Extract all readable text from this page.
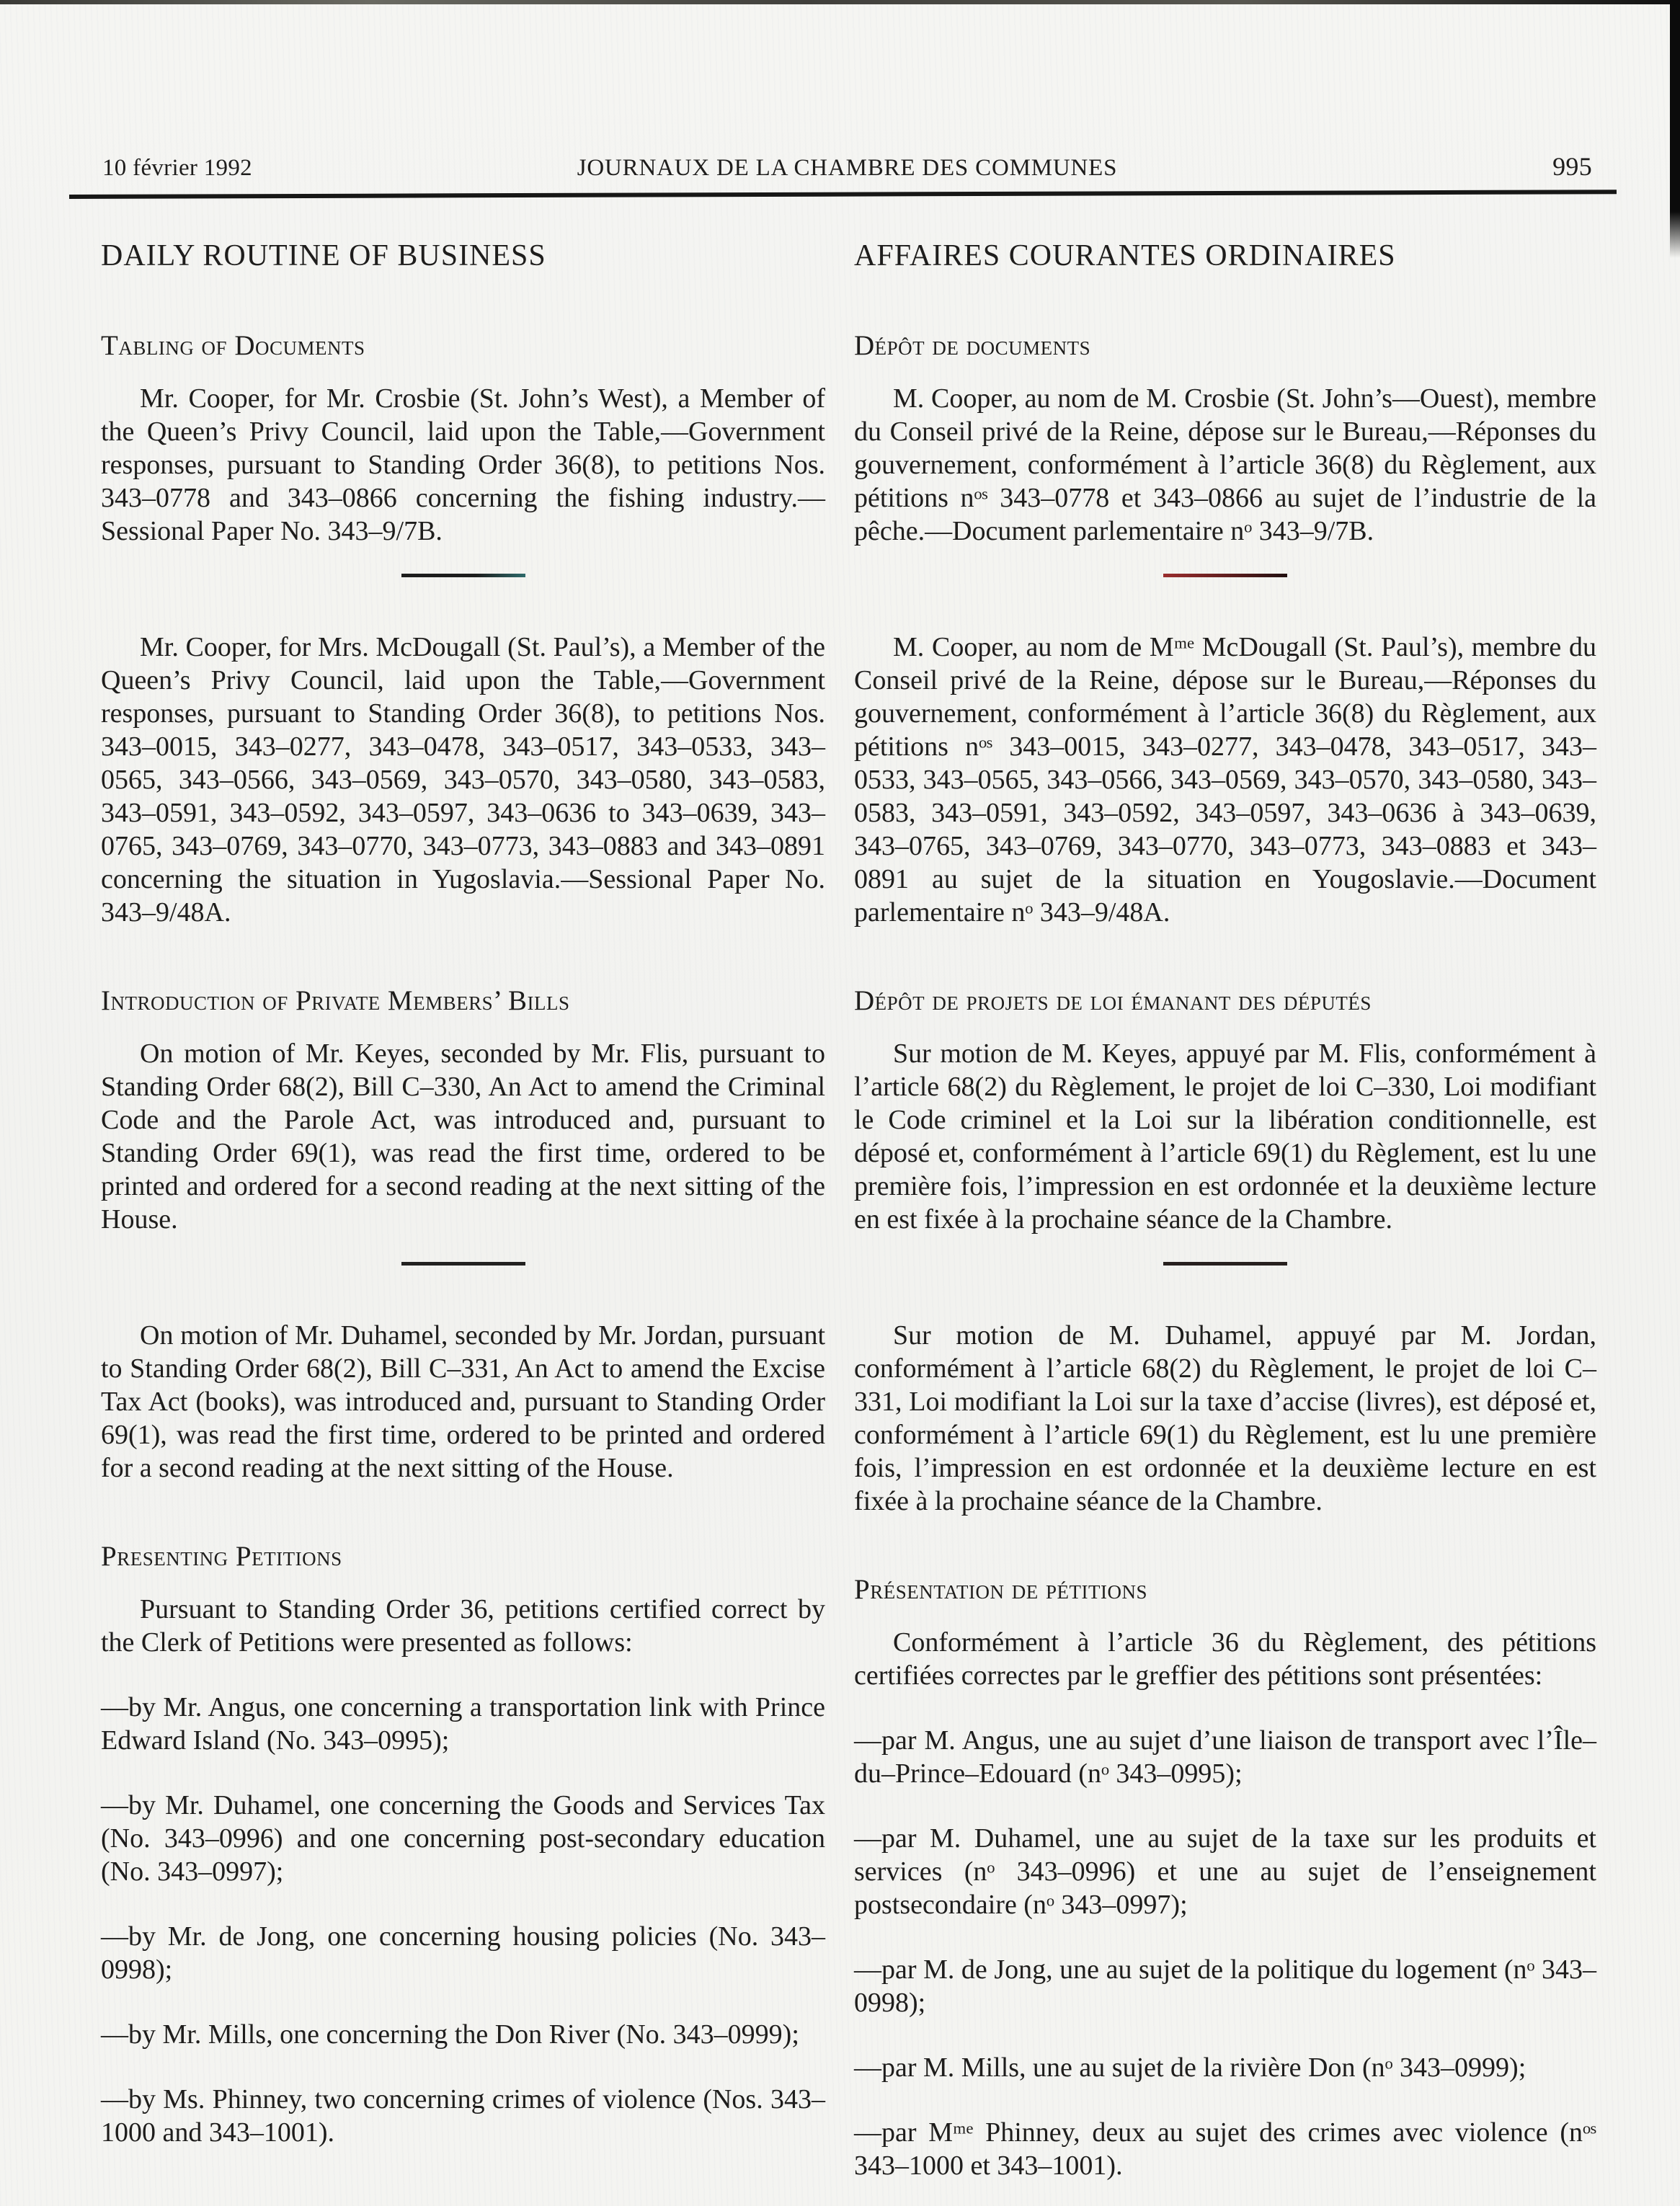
10 février 1992	JOURNAUX DE LA CHAMBRE DES COMMUNES	995
DAILY ROUTINE OF BUSINESS
Tabling of Documents

Mr. Cooper, for Mr. Crosbie (St. John’s West), a Member of the Queen’s Privy Council, laid upon the Table,—Government responses, pursuant to Standing Order 36(8), to petitions Nos. 343–0778 and 343–0866 concerning the fishing industry.—Sessional Paper No. 343–9/7B.

Mr. Cooper, for Mrs. McDougall (St. Paul’s), a Member of the Queen’s Privy Council, laid upon the Table,—Government responses, pursuant to Standing Order 36(8), to petitions Nos. 343–0015, 343–0277, 343–0478, 343–0517, 343–0533, 343–0565, 343–0566, 343–0569, 343–0570, 343–0580, 343–0583, 343–0591, 343–0592, 343–0597, 343–0636 to 343–0639, 343–0765, 343–0769, 343–0770, 343–0773, 343–0883 and 343–0891 concerning the situation in Yugoslavia.—Sessional Paper No. 343–9/48A.

Introduction of Private Members’ Bills

On motion of Mr. Keyes, seconded by Mr. Flis, pursuant to Standing Order 68(2), Bill C–330, An Act to amend the Criminal Code and the Parole Act, was introduced and, pursuant to Standing Order 69(1), was read the first time, ordered to be printed and ordered for a second reading at the next sitting of the House.

On motion of Mr. Duhamel, seconded by Mr. Jordan, pursuant to Standing Order 68(2), Bill C–331, An Act to amend the Excise Tax Act (books), was introduced and, pursuant to Standing Order 69(1), was read the first time, ordered to be printed and ordered for a second reading at the next sitting of the House.

Presenting Petitions

Pursuant to Standing Order 36, petitions certified correct by the Clerk of Petitions were presented as follows:

—by Mr. Angus, one concerning a transportation link with Prince Edward Island (No. 343–0995);

—by Mr. Duhamel, one concerning the Goods and Services Tax (No. 343–0996) and one concerning post-secondary education (No. 343–0997);

—by Mr. de Jong, one concerning housing policies (No. 343–0998);

—by Mr. Mills, one concerning the Don River (No. 343–0999);

—by Ms. Phinney, two concerning crimes of violence (Nos. 343–1000 and 343–1001).

AFFAIRES COURANTES ORDINAIRES
Dépôt de documents

M. Cooper, au nom de M. Crosbie (St. John’s—Ouest), membre du Conseil privé de la Reine, dépose sur le Bureau,—Réponses du gouvernement, conformément à l’article 36(8) du Règlement, aux pétitions nᵒˢ 343–0778 et 343–0866 au sujet de l’industrie de la pêche.—Document parlementaire nᵒ 343–9/7B.

M. Cooper, au nom de Mᵐᵉ McDougall (St. Paul’s), membre du Conseil privé de la Reine, dépose sur le Bureau,—Réponses du gouvernement, conformément à l’article 36(8) du Règlement, aux pétitions nᵒˢ 343–0015, 343–0277, 343–0478, 343–0517, 343–0533, 343–0565, 343–0566, 343–0569, 343–0570, 343–0580, 343–0583, 343–0591, 343–0592, 343–0597, 343–0636 à 343–0639, 343–0765, 343–0769, 343–0770, 343–0773, 343–0883 et 343–0891 au sujet de la situation en Yougoslavie.—Document parlementaire nᵒ 343–9/48A.

Dépôt de projets de loi émanant des députés

Sur motion de M. Keyes, appuyé par M. Flis, conformément à l’article 68(2) du Règlement, le projet de loi C–330, Loi modifiant le Code criminel et la Loi sur la libération conditionnelle, est déposé et, conformément à l’article 69(1) du Règlement, est lu une première fois, l’impression en est ordonnée et la deuxième lecture en est fixée à la prochaine séance de la Chambre.

Sur motion de M. Duhamel, appuyé par M. Jordan, conformément à l’article 68(2) du Règlement, le projet de loi C–331, Loi modifiant la Loi sur la taxe d’accise (livres), est déposé et, conformément à l’article 69(1) du Règlement, est lu une première fois, l’impression en est ordonnée et la deuxième lecture en est fixée à la prochaine séance de la Chambre.

Présentation de pétitions

Conformément à l’article 36 du Règlement, des pétitions certifiées correctes par le greffier des pétitions sont présentées:

—par M. Angus, une au sujet d’une liaison de transport avec l’Île–du–Prince–Edouard (nᵒ 343–0995);

—par M. Duhamel, une au sujet de la taxe sur les produits et services (nᵒ 343–0996) et une au sujet de l’enseignement postsecondaire (nᵒ 343–0997);

—par M. de Jong, une au sujet de la politique du logement (nᵒ 343–0998);

—par M. Mills, une au sujet de la rivière Don (nᵒ 343–0999);

—par Mᵐᵉ Phinney, deux au sujet des crimes avec violence (nᵒˢ 343–1000 et 343–1001).
